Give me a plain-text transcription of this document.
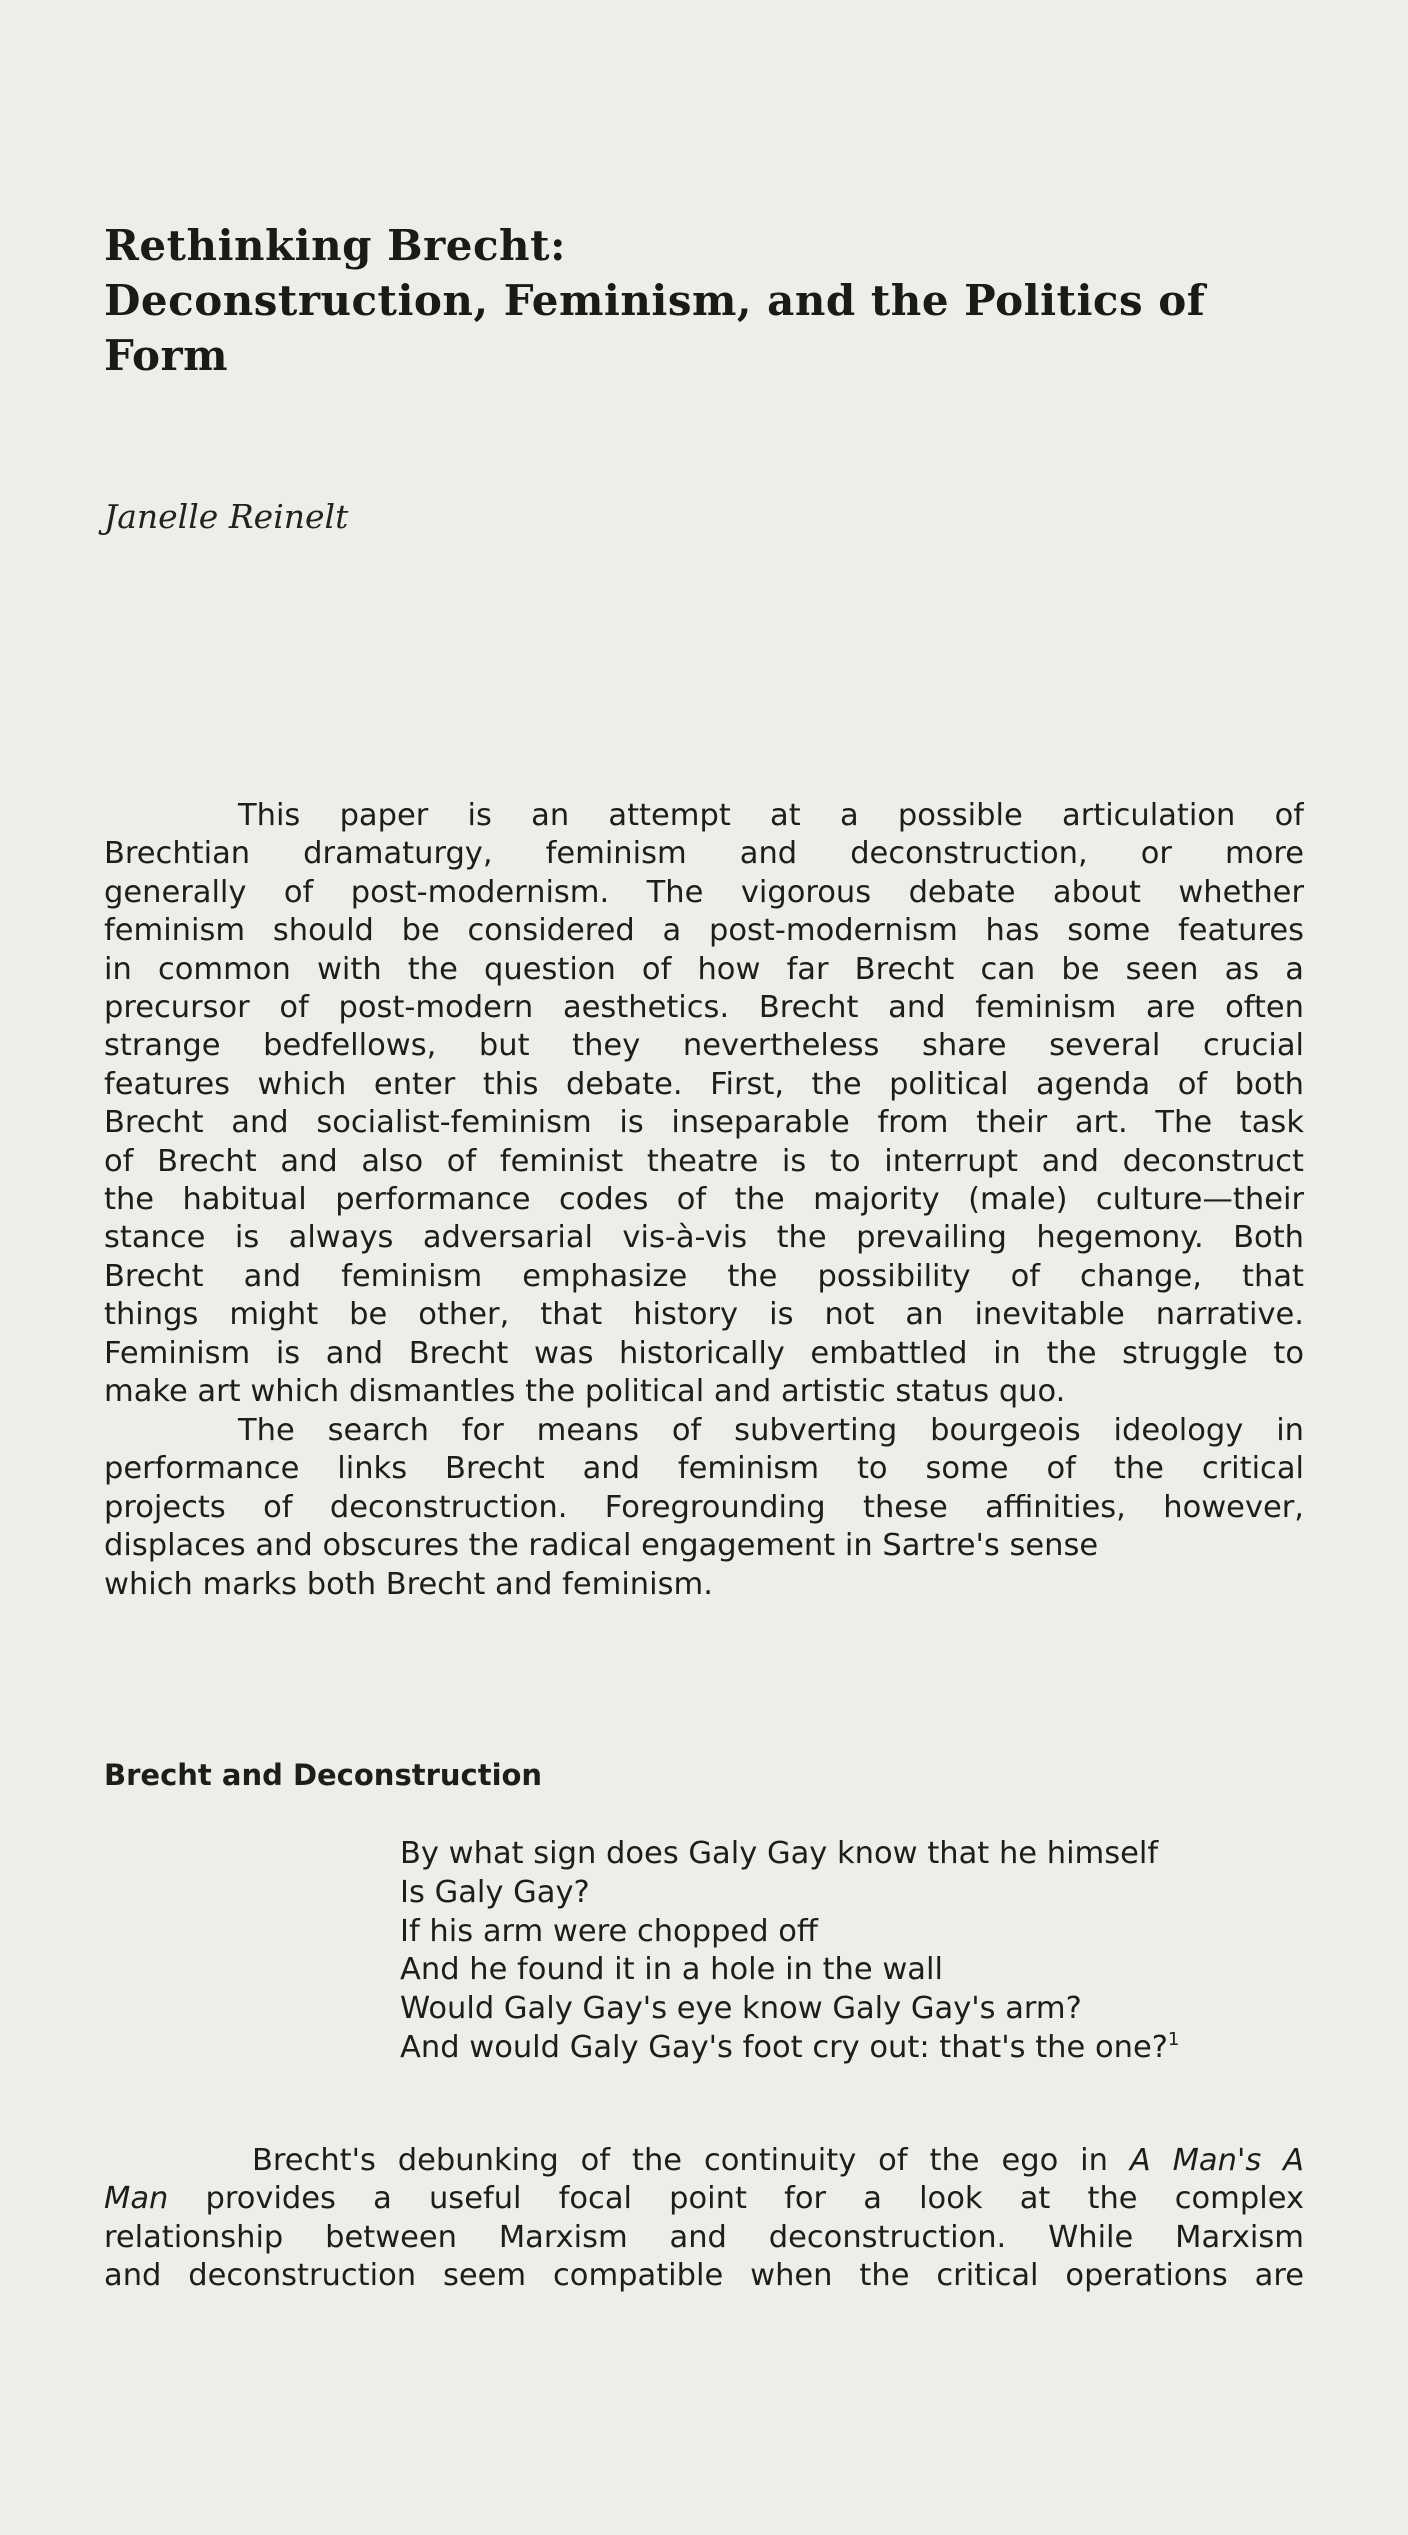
Rethinking Brecht:
Deconstruction, Feminism, and the Politics of
Form

Janelle Reinelt

This paper is an attempt at a possible articulation of
Brechtian dramaturgy, feminism and deconstruction, or more
generally of post-modernism. The vigorous debate about whether
feminism should be considered a post-modernism has some features
in common with the question of how far Brecht can be seen as a
precursor of post-modern aesthetics. Brecht and feminism are often
strange bedfellows, but they nevertheless share several crucial
features which enter this debate. First, the political agenda of both
Brecht and socialist-feminism is inseparable from their art. The task
of Brecht and also of feminist theatre is to interrupt and deconstruct
the habitual performance codes of the majority (male) culture—their
stance is always adversarial vis-à-vis the prevailing hegemony. Both
Brecht and feminism emphasize the possibility of change, that
things might be other, that history is not an inevitable narrative.
Feminism is and Brecht was historically embattled in the struggle to
make art which dismantles the political and artistic status quo.
The search for means of subverting bourgeois ideology in
performance links Brecht and feminism to some of the critical
projects of deconstruction. Foregrounding these affinities, however,
displaces and obscures the radical engagement in Sartre's sense
which marks both Brecht and feminism.
Brecht and Deconstruction
By what sign does Galy Gay know that he himself
Is Galy Gay?
If his arm were chopped off
And he found it in a hole in the wall
Would Galy Gay's eye know Galy Gay's arm?
And would Galy Gay's foot cry out: that's the one?$^1$
Brecht's debunking of the continuity of the ego in A Man's A
Man provides a useful focal point for a look at the complex
relationship between Marxism and deconstruction. While Marxism
and deconstruction seem compatible when the critical operations are
